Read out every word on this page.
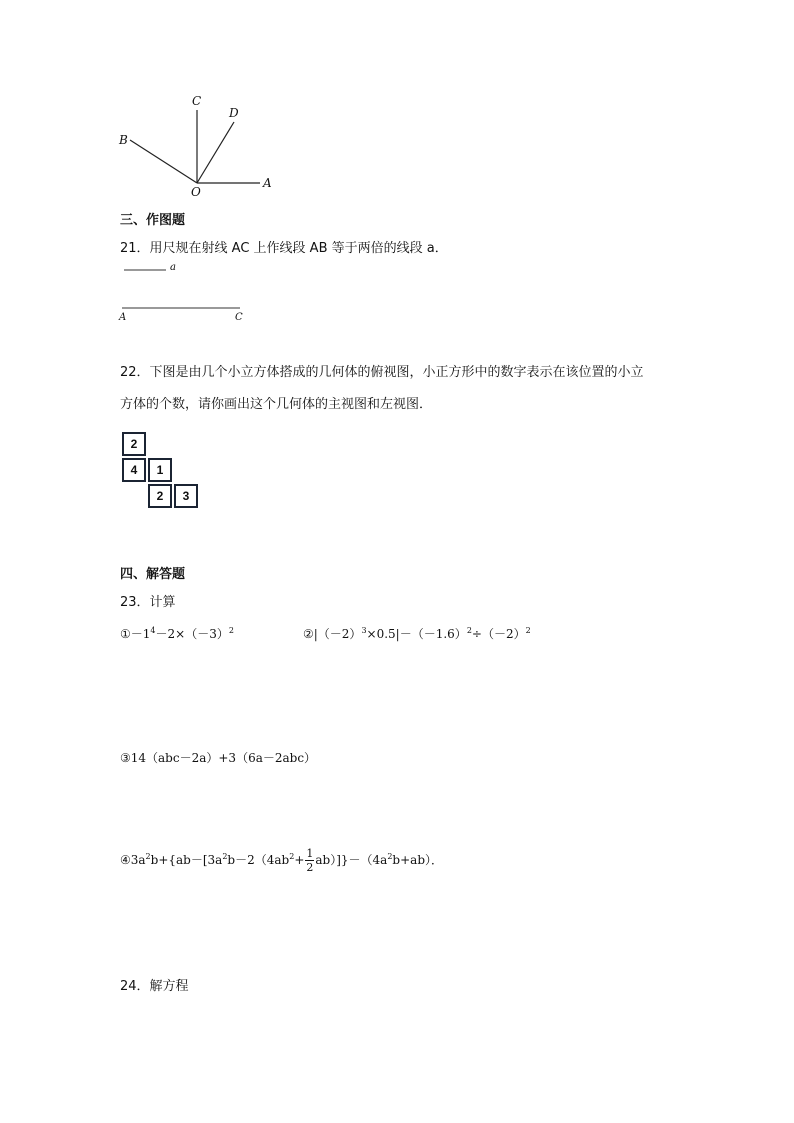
C
D
B
O
A
三、作图题
21．用尺规在射线 AC 上作线段 AB 等于两倍的线段 a．
a
A	C
22．下图是由几个小立方体搭成的几何体的俯视图，小正方形中的数字表示在该位置的小立
方体的个数，请你画出这个几何体的主视图和左视图．
2
4	1
2	3
四、解答题
23．计算
$①-1^4-2\times(-3)^2$	$②|(-2)^3\times 0.5|-(-1.6)^2\div(-2)^2$
③14（abc－2a）+3（6a－2abc）
$④3a^2b+\{ab-[3a^2b-2(4ab^2+ \frac{1}{2} ab)]\}-(4a^2b+ab)$．
24．解方程
